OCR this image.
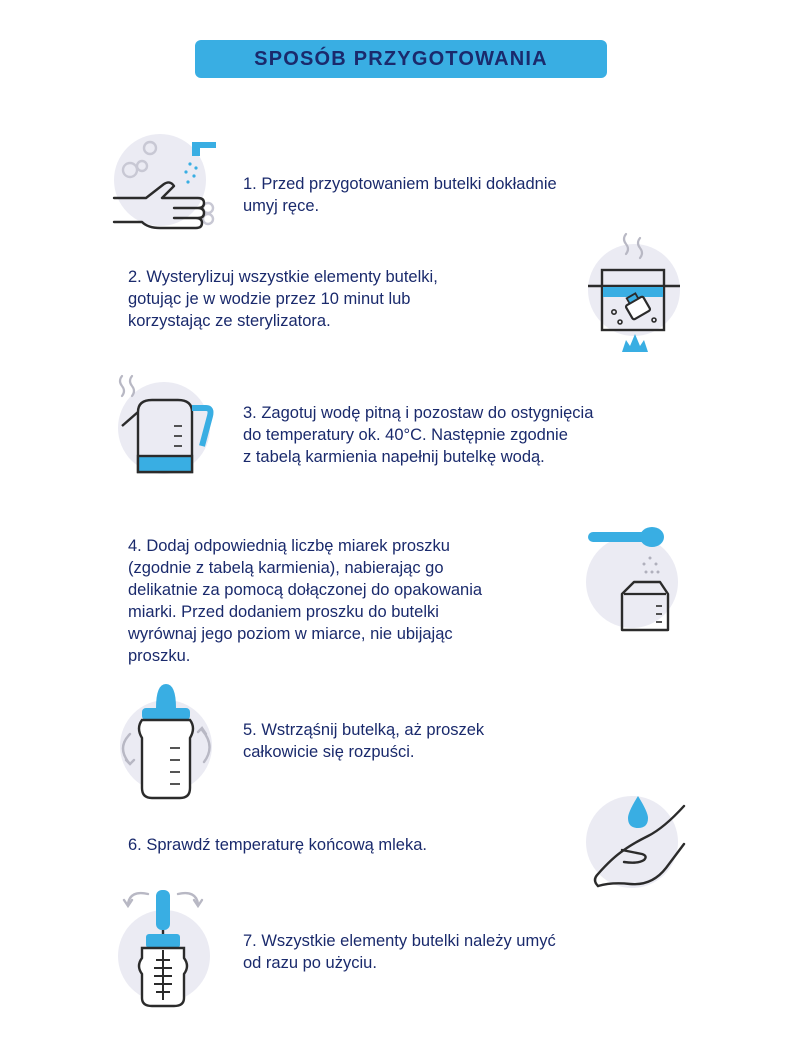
SPOSÓB PRZYGOTOWANIA

1. Przed przygotowaniem butelki dokładnie
umyj ręce.

2. Wysterylizuj wszystkie elementy butelki,
gotując je w wodzie przez 10 minut lub
korzystając ze sterylizatora.

3. Zagotuj wodę pitną i pozostaw do ostygnięcia
do temperatury ok. 40°C. Następnie zgodnie
z tabelą karmienia napełnij butelkę wodą.

4. Dodaj odpowiednią liczbę miarek proszku
(zgodnie z tabelą karmienia), nabierając go
delikatnie za pomocą dołączonej do opakowania
miarki. Przed dodaniem proszku do butelki
wyrównaj jego poziom w miarce, nie ubijając
proszku.

5. Wstrząśnij butelką, aż proszek
całkowicie się rozpuści.

6. Sprawdź temperaturę końcową mleka.

7. Wszystkie elementy butelki należy umyć
od razu po użyciu.
